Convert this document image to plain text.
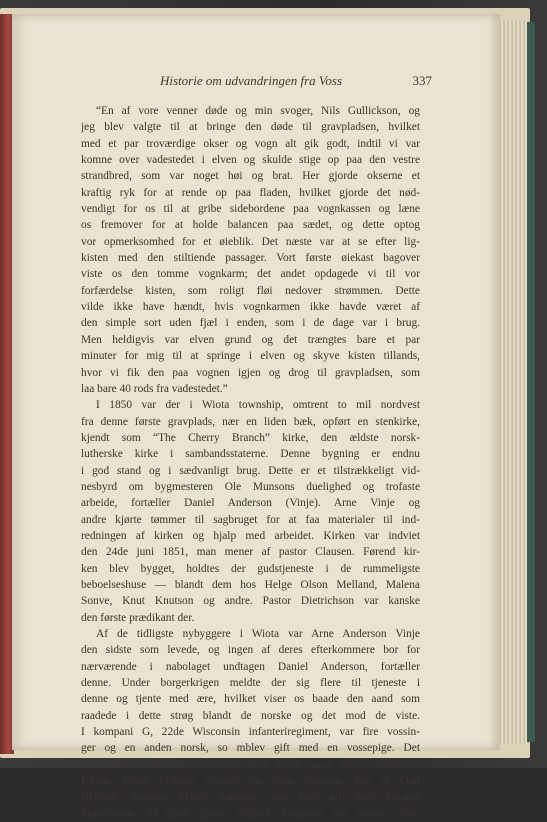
Historie om udvandringen fra Voss	337
“En af vore venner døde og min svoger, Nils Gullickson, og
jeg blev valgte til at bringe den døde til gravpladsen, hvilket
med et par troværdige okser og vogn alt gik godt, indtil vi var
komne over vadestedet i elven og skulde stige op paa den vestre
strandbred, som var noget høi og brat. Her gjorde okserne et
kraftig ryk for at rende op paa fladen, hvilket gjorde det nød-
vendigt for os til at gribe sidebordene paa vognkassen og læne
os fremover for at holde balancen paa sædet, og dette optog
vor opmerksomhed for et øieblik. Det næste var at se efter lig-
kisten med den stiltiende passager. Vort første øiekast bagover
viste os den tomme vognkarm; det andet opdagede vi til vor
forfærdelse kisten, som roligt fløi nedover strømmen. Dette
vilde ikke have hændt, hvis vognkarmen ikke havde været af
den simple sort uden fjæl i enden, som i de dage var i brug.
Men heldigvis var elven grund og det trængtes bare et par
minuter for mig til at springe i elven og skyve kisten tillands,
hvor vi fik den paa vognen igjen og drog til gravpladsen, som
laa bare 40 rods fra vadestedet.”
I 1850 var der i Wiota township, omtrent to mil nordvest
fra denne første gravplads, nær en liden bæk, opført en stenkirke,
kjendt som “The Cherry Branch” kirke, den ældste norsk-
lutherske kirke i sambandsstaterne. Denne bygning er endnu
i god stand og i sædvanligt brug. Dette er et tilstrækkeligt vid-
nesbyrd om bygmesteren Ole Munsons duelighed og trofaste
arbeide, fortæller Daniel Anderson (Vinje). Arne Vinje og
andre kjørte tømmer til sagbruget for at faa materialer til ind-
redningen af kirken og hjalp med arbeidet. Kirken var indviet
den 24de juni 1851, man mener af pastor Clausen. Førend kir-
ken blev bygget, holdtes der gudstjeneste i de rummeligste
beboelseshuse — blandt dem hos Helge Olson Melland, Malena
Sonve, Knut Knutson og andre. Pastor Dietrichson var kanske
den første prædikant der.
Af de tidligste nybyggere i Wiota var Arne Anderson Vinje
den sidste som levede, og ingen af deres efterkommere bor for
nærværende i nabolaget undtagen Daniel Anderson, fortæller
denne. Under borgerkrigen meldte der sig flere til tjeneste i
denne og tjente med ære, hvilket viser os baade den aand som
raadede i dette strøg blandt de norske og det mod de viste.
I kompani G, 22de Wisconsin infanteriregiment, var fire vossin-
ger og en anden norsk, so mblev gift med en vossepige. Det
var Gullick Anderson, søn af Arne Vinje, samt Nils Gulleikson
Kinne, Klaus Erikson Gjerald og John Johnson, søn af Odd
Helland; desuden Martin Johnson, som blev gift med Larsina
Skjervheim. Af disse gjorde Gullick Anderson det største offer.
